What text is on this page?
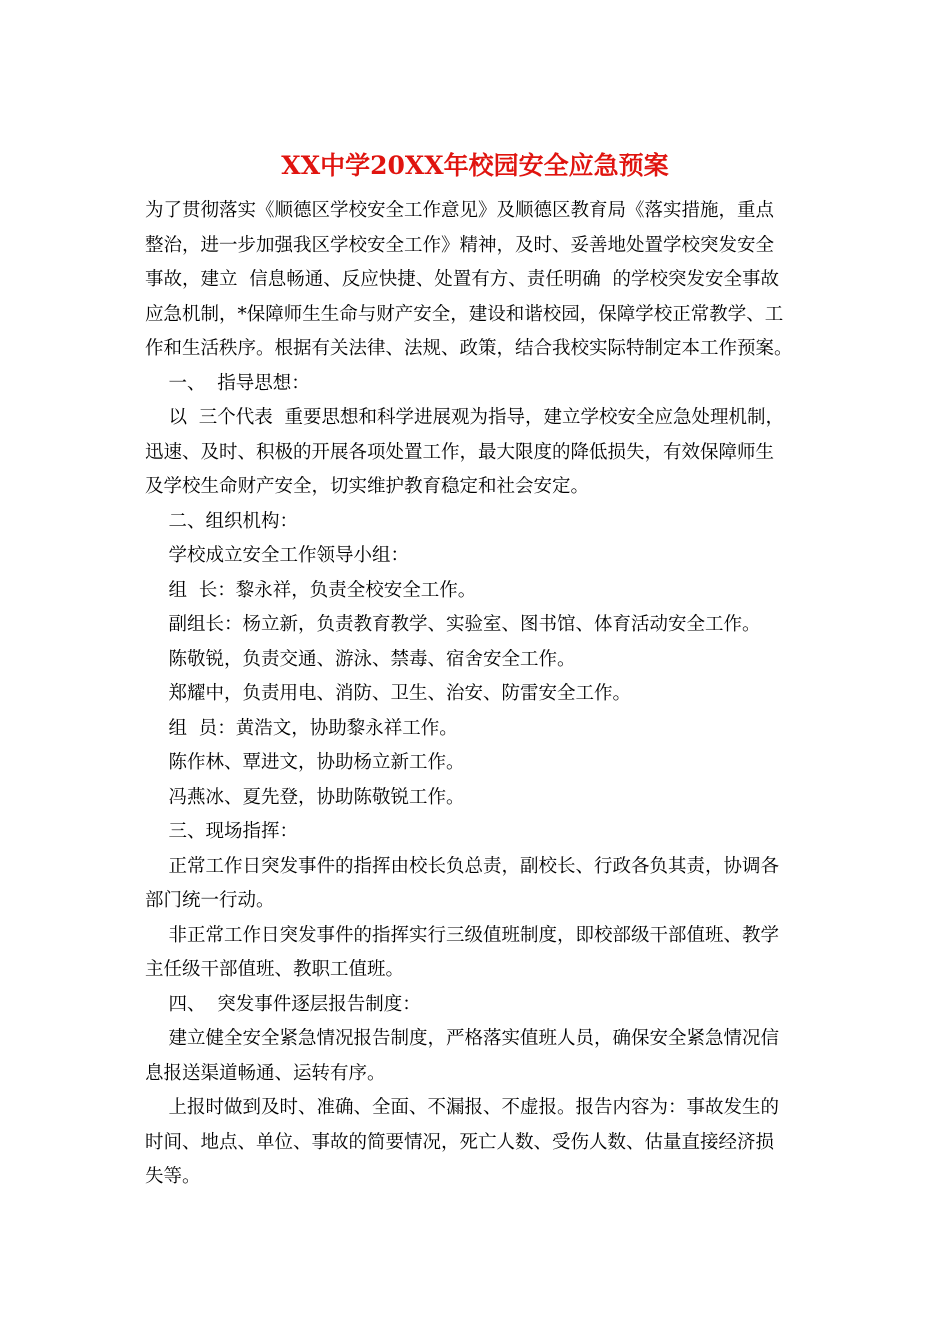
XX中学20XX年校园安全应急预案

为了贯彻落实《顺德区学校安全工作意见》及顺德区教育局《落实措施，重点

整治，进一步加强我区学校安全工作》精神，及时、妥善地处置学校突发安全

事故，建立  信息畅通、反应快捷、处置有方、责任明确  的学校突发安全事故

应急机制，*保障师生生命与财产安全，建设和谐校园，保障学校正常教学、工

作和生活秩序。根据有关法律、法规、政策，结合我校实际特制定本工作预案。

一、  指导思想：

以  三个代表  重要思想和科学进展观为指导，建立学校安全应急处理机制，

迅速、及时、积极的开展各项处置工作，最大限度的降低损失，有效保障师生

及学校生命财产安全，切实维护教育稳定和社会安定。

二、组织机构：

学校成立安全工作领导小组：

组  长：黎永祥，负责全校安全工作。

副组长：杨立新，负责教育教学、实验室、图书馆、体育活动安全工作。

陈敬锐，负责交通、游泳、禁毒、宿舍安全工作。

郑耀中，负责用电、消防、卫生、治安、防雷安全工作。

组  员：黄浩文，协助黎永祥工作。

陈作林、覃进文，协助杨立新工作。

冯燕冰、夏先登，协助陈敬锐工作。

三、现场指挥：

正常工作日突发事件的指挥由校长负总责，副校长、行政各负其责，协调各

部门统一行动。

非正常工作日突发事件的指挥实行三级值班制度，即校部级干部值班、教学

主任级干部值班、教职工值班。

四、  突发事件逐层报告制度：

建立健全安全紧急情况报告制度，严格落实值班人员，确保安全紧急情况信

息报送渠道畅通、运转有序。

上报时做到及时、准确、全面、不漏报、不虚报。报告内容为：事故发生的

时间、地点、单位、事故的简要情况，死亡人数、受伤人数、估量直接经济损

失等。
